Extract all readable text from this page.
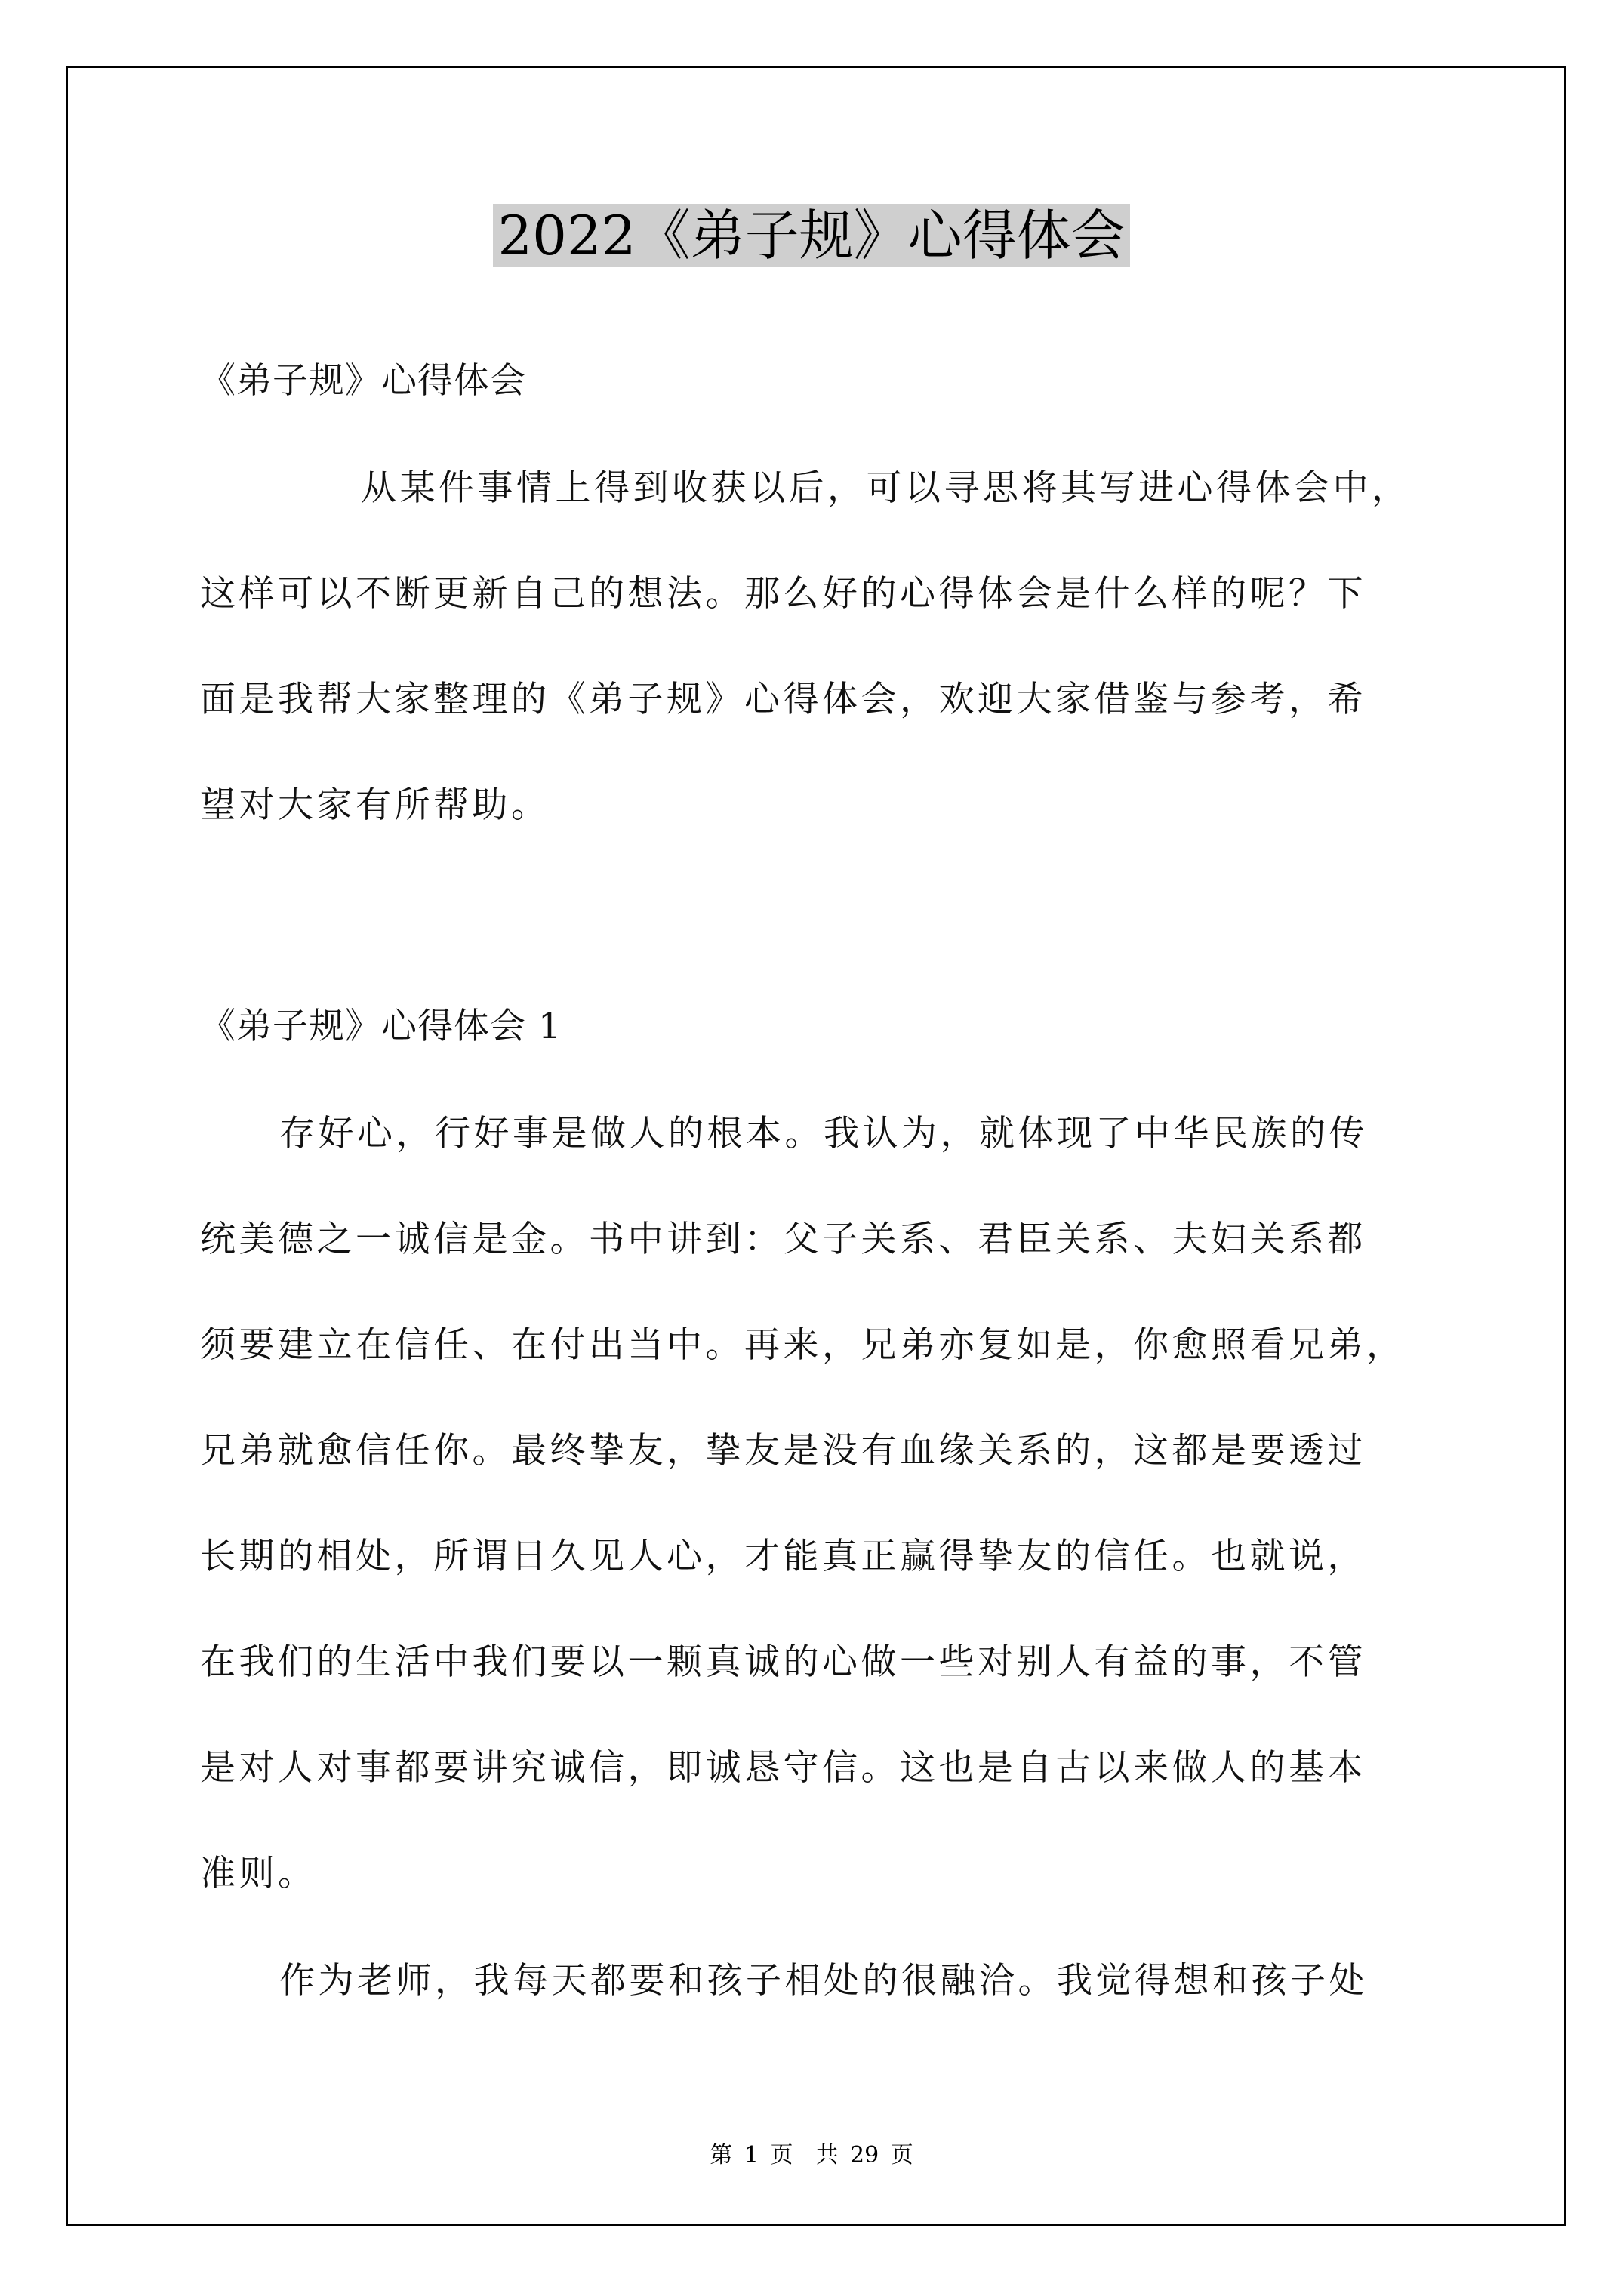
2022《弟子规》心得体会

《弟子规》心得体会

从某件事情上得到收获以后，可以寻思将其写进心得体会中，

这样可以不断更新自己的想法。那么好的心得体会是什么样的呢？下

面是我帮大家整理的《弟子规》心得体会，欢迎大家借鉴与参考，希

望对大家有所帮助。

《弟子规》心得体会 1

存好心，行好事是做人的根本。我认为，就体现了中华民族的传

统美德之一诚信是金。书中讲到：父子关系、君臣关系、夫妇关系都

须要建立在信任、在付出当中。再来，兄弟亦复如是，你愈照看兄弟，

兄弟就愈信任你。最终挚友，挚友是没有血缘关系的，这都是要透过

长期的相处，所谓日久见人心，才能真正赢得挚友的信任。也就说，

在我们的生活中我们要以一颗真诚的心做一些对别人有益的事，不管

是对人对事都要讲究诚信，即诚恳守信。这也是自古以来做人的基本

准则。

作为老师，我每天都要和孩子相处的很融洽。我觉得想和孩子处

第 1 页　共 29 页
